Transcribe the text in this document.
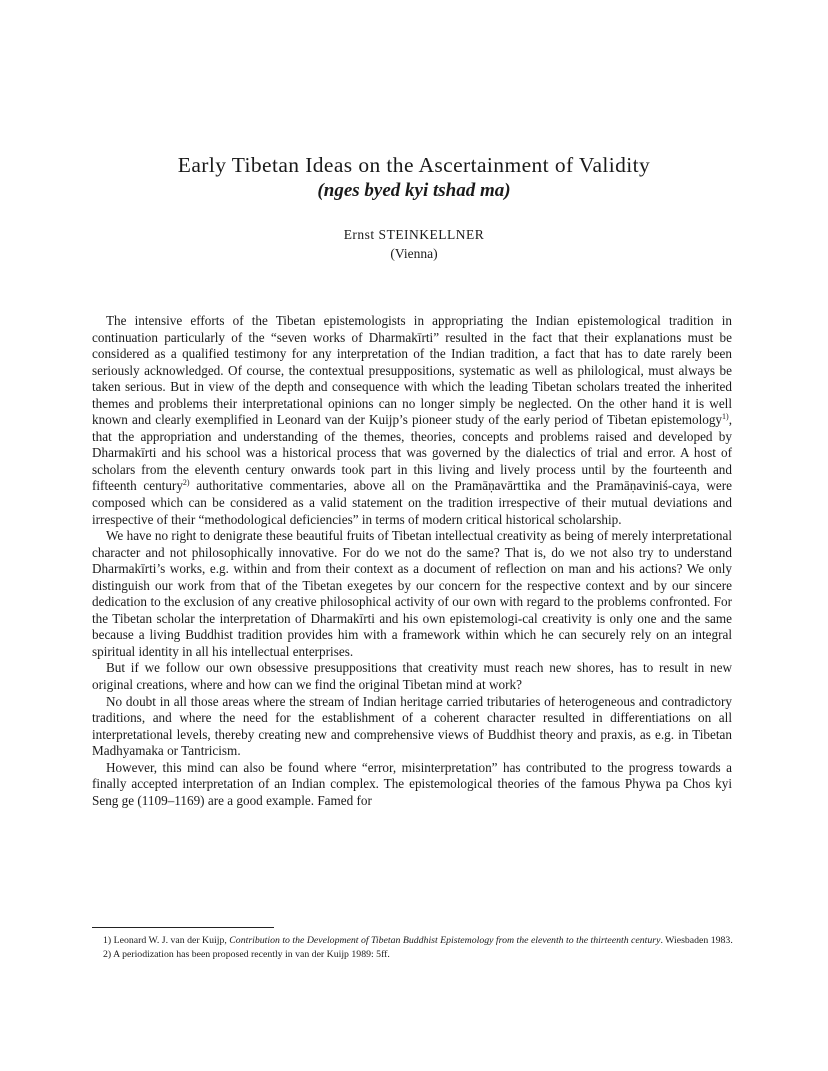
Early Tibetan Ideas on the Ascertainment of Validity
(nges byed kyi tshad ma)
Ernst STEINKELLNER
(Vienna)

The intensive efforts of the Tibetan epistemologists in appropriating the Indian epistemological tradition in continuation particularly of the “seven works of Dharmakīrti” resulted in the fact that their explanations must be considered as a qualified testimony for any interpretation of the Indian tradition, a fact that has to date rarely been seriously acknowledged. Of course, the contextual presuppositions, systematic as well as philological, must always be taken serious. But in view of the depth and consequence with which the leading Tibetan scholars treated the inherited themes and problems their interpretational opinions can no longer simply be neglected. On the other hand it is well known and clearly exemplified in Leonard van der Kuijp’s pioneer study of the early period of Tibetan epistemology$^{1)}$, that the appropriation and understanding of the themes, theories, concepts and problems raised and developed by Dharmakīrti and his school was a historical process that was governed by the dialectics of trial and error. A host of scholars from the eleventh century onwards took part in this living and lively process until by the fourteenth and fifteenth century$^{2)}$ authoritative commentaries, above all on the Pramāṇavārttika and the Pramāṇaviniś-caya, were composed which can be considered as a valid statement on the tradition irrespective of their mutual deviations and irrespective of their “methodological deficiencies” in terms of modern critical historical scholarship.

We have no right to denigrate these beautiful fruits of Tibetan intellectual creativity as being of merely interpretational character and not philosophically innovative. For do we not do the same? That is, do we not also try to understand Dharmakīrti’s works, e.g. within and from their context as a document of reflection on man and his actions? We only distinguish our work from that of the Tibetan exegetes by our concern for the respective context and by our sincere dedication to the exclusion of any creative philosophical activity of our own with regard to the problems confronted. For the Tibetan scholar the interpretation of Dharmakīrti and his own epistemologi-cal creativity is only one and the same because a living Buddhist tradition provides him with a framework within which he can securely rely on an integral spiritual identity in all his intellectual enterprises.

But if we follow our own obsessive presuppositions that creativity must reach new shores, has to result in new original creations, where and how can we find the original Tibetan mind at work?

No doubt in all those areas where the stream of Indian heritage carried tributaries of heterogeneous and contradictory traditions, and where the need for the establishment of a coherent character resulted in differentiations on all interpretational levels, thereby creating new and comprehensive views of Buddhist theory and praxis, as e.g. in Tibetan Madhyamaka or Tantricism.

However, this mind can also be found where “error, misinterpretation” has contributed to the progress towards a finally accepted interpretation of an Indian complex. The epistemological theories of the famous Phywa pa Chos kyi Seng ge (1109–1169) are a good example. Famed for

1) Leonard W. J. van der Kuijp, Contribution to the Development of Tibetan Buddhist Epistemology from the eleventh to the thirteenth century. Wiesbaden 1983.

2) A periodization has been proposed recently in van der Kuijp 1989: 5ff.
